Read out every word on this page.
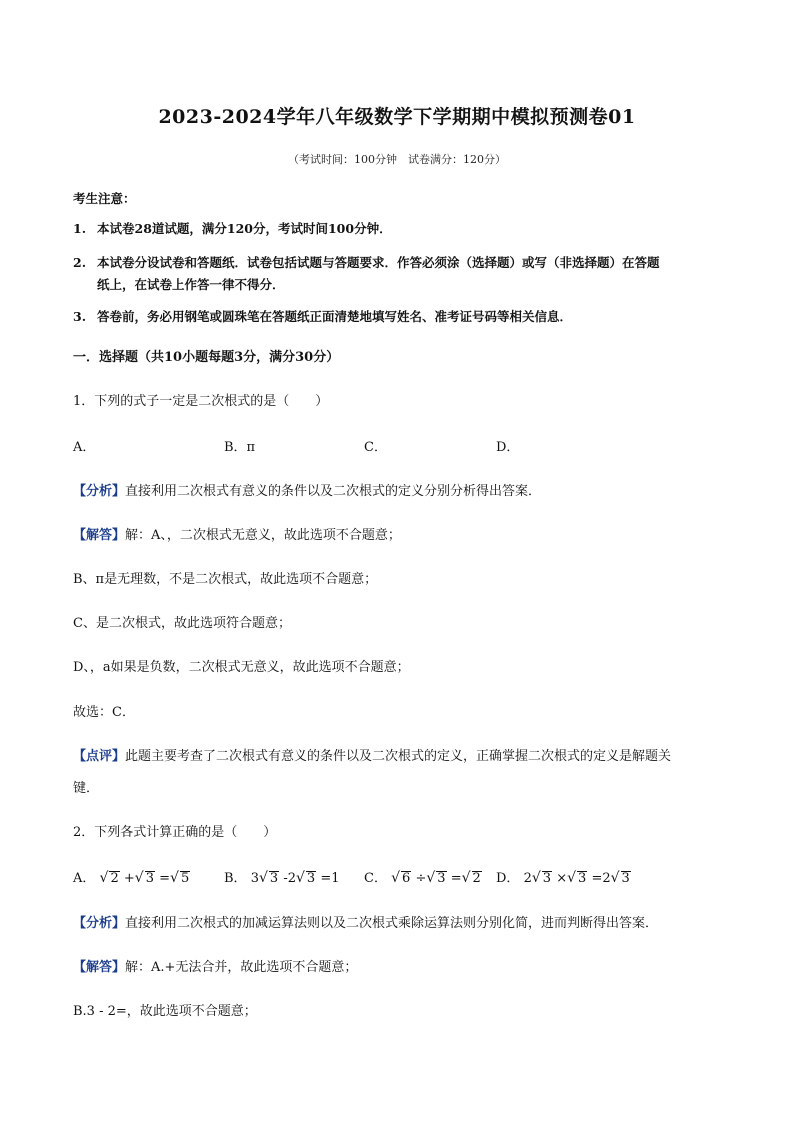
2023-2024学年八年级数学下学期期中模拟预测卷01
（考试时间：100分钟　试卷满分：120分）
考生注意：
1. 本试卷28道试题，满分120分，考试时间100分钟．
2. 本试卷分设试卷和答题纸．试卷包括试题与答题要求．作答必须涂（选择题）或写（非选择题）在答题
纸上，在试卷上作答一律不得分．
3. 答卷前，务必用钢笔或圆珠笔在答题纸正面清楚地填写姓名、准考证号码等相关信息．
一．选择题（共10小题每题3分，满分30分）
1．下列的式子一定是二次根式的是（　　）
A．	B．π	C．	D．
【分析】直接利用二次根式有意义的条件以及二次根式的定义分别分析得出答案．
【解答】解：A、，二次根式无意义，故此选项不合题意；
B、π是无理数，不是二次根式，故此选项不合题意；
C、是二次根式，故此选项符合题意；
D、，a如果是负数，二次根式无意义，故此选项不合题意；
故选：C．
【点评】此题主要考查了二次根式有意义的条件以及二次根式的定义，正确掌握二次根式的定义是解题关
键．
2．下列各式计算正确的是（　　）
A． √ 2 +√ 3 =√ 5	B． 3√ 3 -2√ 3 =1 C． √ 6 ÷√ 3 =√ 2 D． 2√ 3 ×√ 3 =2√ 3
【分析】直接利用二次根式的加减运算法则以及二次根式乘除运算法则分别化简，进而判断得出答案．
【解答】解：A.+无法合并，故此选项不合题意；
B.3 - 2=，故此选项不合题意；
